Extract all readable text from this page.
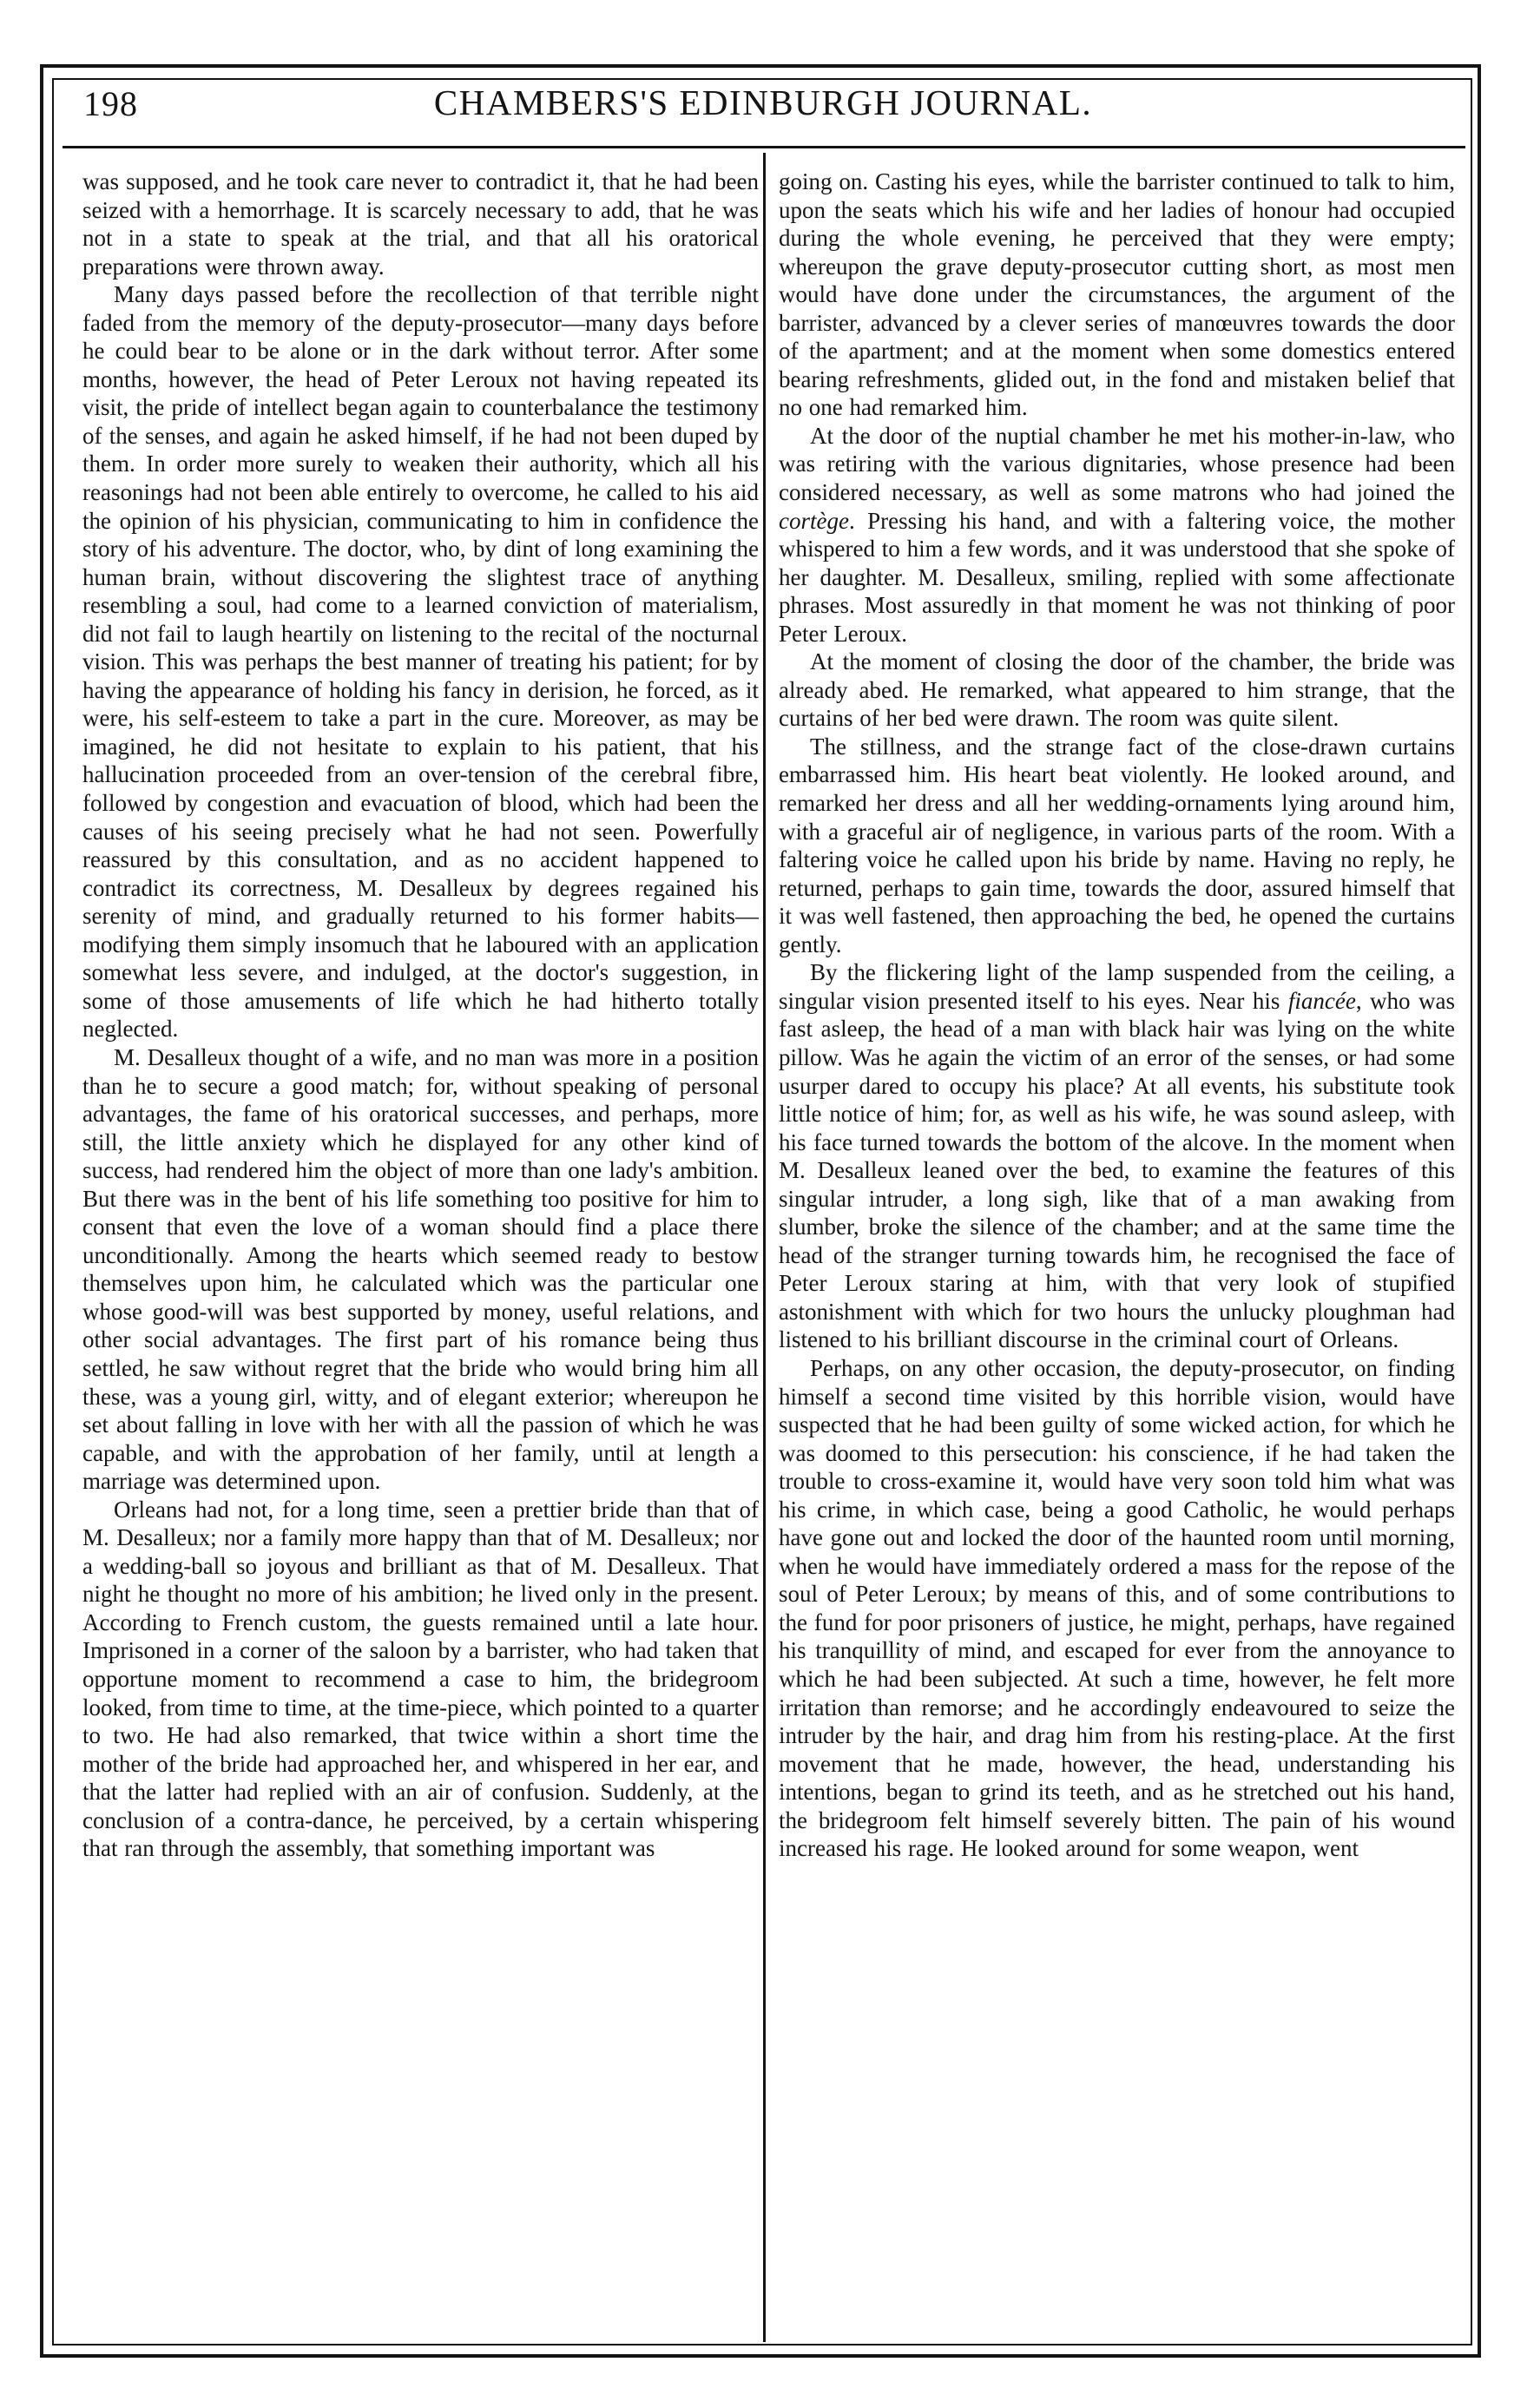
198	CHAMBERS'S EDINBURGH JOURNAL.

was supposed, and he took care never to contradict it, that he had been seized with a hemorrhage. It is scarcely necessary to add, that he was not in a state to speak at the trial, and that all his oratorical preparations were thrown away.

Many days passed before the recollection of that terrible night faded from the memory of the deputy-prosecutor—many days before he could bear to be alone or in the dark without terror. After some months, however, the head of Peter Leroux not having repeated its visit, the pride of intellect began again to counterbalance the testimony of the senses, and again he asked himself, if he had not been duped by them. In order more surely to weaken their authority, which all his reasonings had not been able entirely to overcome, he called to his aid the opinion of his physician, communicating to him in confidence the story of his adventure. The doctor, who, by dint of long examining the human brain, without discovering the slightest trace of anything resembling a soul, had come to a learned conviction of materialism, did not fail to laugh heartily on listening to the recital of the nocturnal vision. This was perhaps the best manner of treating his patient; for by having the appearance of holding his fancy in derision, he forced, as it were, his self-esteem to take a part in the cure. Moreover, as may be imagined, he did not hesitate to explain to his patient, that his hallucination proceeded from an over-tension of the cerebral fibre, followed by congestion and evacuation of blood, which had been the causes of his seeing precisely what he had not seen. Powerfully reassured by this consultation, and as no accident happened to contradict its correctness, M. Desalleux by degrees regained his serenity of mind, and gradually returned to his former habits—modifying them simply insomuch that he laboured with an application somewhat less severe, and indulged, at the doctor's suggestion, in some of those amusements of life which he had hitherto totally neglected.

M. Desalleux thought of a wife, and no man was more in a position than he to secure a good match; for, without speaking of personal advantages, the fame of his oratorical successes, and perhaps, more still, the little anxiety which he displayed for any other kind of success, had rendered him the object of more than one lady's ambition. But there was in the bent of his life something too positive for him to consent that even the love of a woman should find a place there unconditionally. Among the hearts which seemed ready to bestow themselves upon him, he calculated which was the particular one whose good-will was best supported by money, useful relations, and other social advantages. The first part of his romance being thus settled, he saw without regret that the bride who would bring him all these, was a young girl, witty, and of elegant exterior; whereupon he set about falling in love with her with all the passion of which he was capable, and with the approbation of her family, until at length a marriage was determined upon.

Orleans had not, for a long time, seen a prettier bride than that of M. Desalleux; nor a family more happy than that of M. Desalleux; nor a wedding-ball so joyous and brilliant as that of M. Desalleux. That night he thought no more of his ambition; he lived only in the present. According to French custom, the guests remained until a late hour. Imprisoned in a corner of the saloon by a barrister, who had taken that opportune moment to recommend a case to him, the bridegroom looked, from time to time, at the time-piece, which pointed to a quarter to two. He had also remarked, that twice within a short time the mother of the bride had approached her, and whispered in her ear, and that the latter had replied with an air of confusion. Suddenly, at the conclusion of a contra-dance, he perceived, by a certain whispering that ran through the assembly, that something important was

going on. Casting his eyes, while the barrister continued to talk to him, upon the seats which his wife and her ladies of honour had occupied during the whole evening, he perceived that they were empty; whereupon the grave deputy-prosecutor cutting short, as most men would have done under the circumstances, the argument of the barrister, advanced by a clever series of manœuvres towards the door of the apartment; and at the moment when some domestics entered bearing refreshments, glided out, in the fond and mistaken belief that no one had remarked him.

At the door of the nuptial chamber he met his mother-in-law, who was retiring with the various dignitaries, whose presence had been considered necessary, as well as some matrons who had joined the cortège. Pressing his hand, and with a faltering voice, the mother whispered to him a few words, and it was understood that she spoke of her daughter. M. Desalleux, smiling, replied with some affectionate phrases. Most assuredly in that moment he was not thinking of poor Peter Leroux.

At the moment of closing the door of the chamber, the bride was already abed. He remarked, what appeared to him strange, that the curtains of her bed were drawn. The room was quite silent.

The stillness, and the strange fact of the close-drawn curtains embarrassed him. His heart beat violently. He looked around, and remarked her dress and all her wedding-ornaments lying around him, with a graceful air of negligence, in various parts of the room. With a faltering voice he called upon his bride by name. Having no reply, he returned, perhaps to gain time, towards the door, assured himself that it was well fastened, then approaching the bed, he opened the curtains gently.

By the flickering light of the lamp suspended from the ceiling, a singular vision presented itself to his eyes. Near his fiancée, who was fast asleep, the head of a man with black hair was lying on the white pillow. Was he again the victim of an error of the senses, or had some usurper dared to occupy his place? At all events, his substitute took little notice of him; for, as well as his wife, he was sound asleep, with his face turned towards the bottom of the alcove. In the moment when M. Desalleux leaned over the bed, to examine the features of this singular intruder, a long sigh, like that of a man awaking from slumber, broke the silence of the chamber; and at the same time the head of the stranger turning towards him, he recognised the face of Peter Leroux staring at him, with that very look of stupified astonishment with which for two hours the unlucky ploughman had listened to his brilliant discourse in the criminal court of Orleans.

Perhaps, on any other occasion, the deputy-prosecutor, on finding himself a second time visited by this horrible vision, would have suspected that he had been guilty of some wicked action, for which he was doomed to this persecution: his conscience, if he had taken the trouble to cross-examine it, would have very soon told him what was his crime, in which case, being a good Catholic, he would perhaps have gone out and locked the door of the haunted room until morning, when he would have immediately ordered a mass for the repose of the soul of Peter Leroux; by means of this, and of some contributions to the fund for poor prisoners of justice, he might, perhaps, have regained his tranquillity of mind, and escaped for ever from the annoyance to which he had been subjected. At such a time, however, he felt more irritation than remorse; and he accordingly endeavoured to seize the intruder by the hair, and drag him from his resting-place. At the first movement that he made, however, the head, understanding his intentions, began to grind its teeth, and as he stretched out his hand, the bridegroom felt himself severely bitten. The pain of his wound increased his rage. He looked around for some weapon, went
